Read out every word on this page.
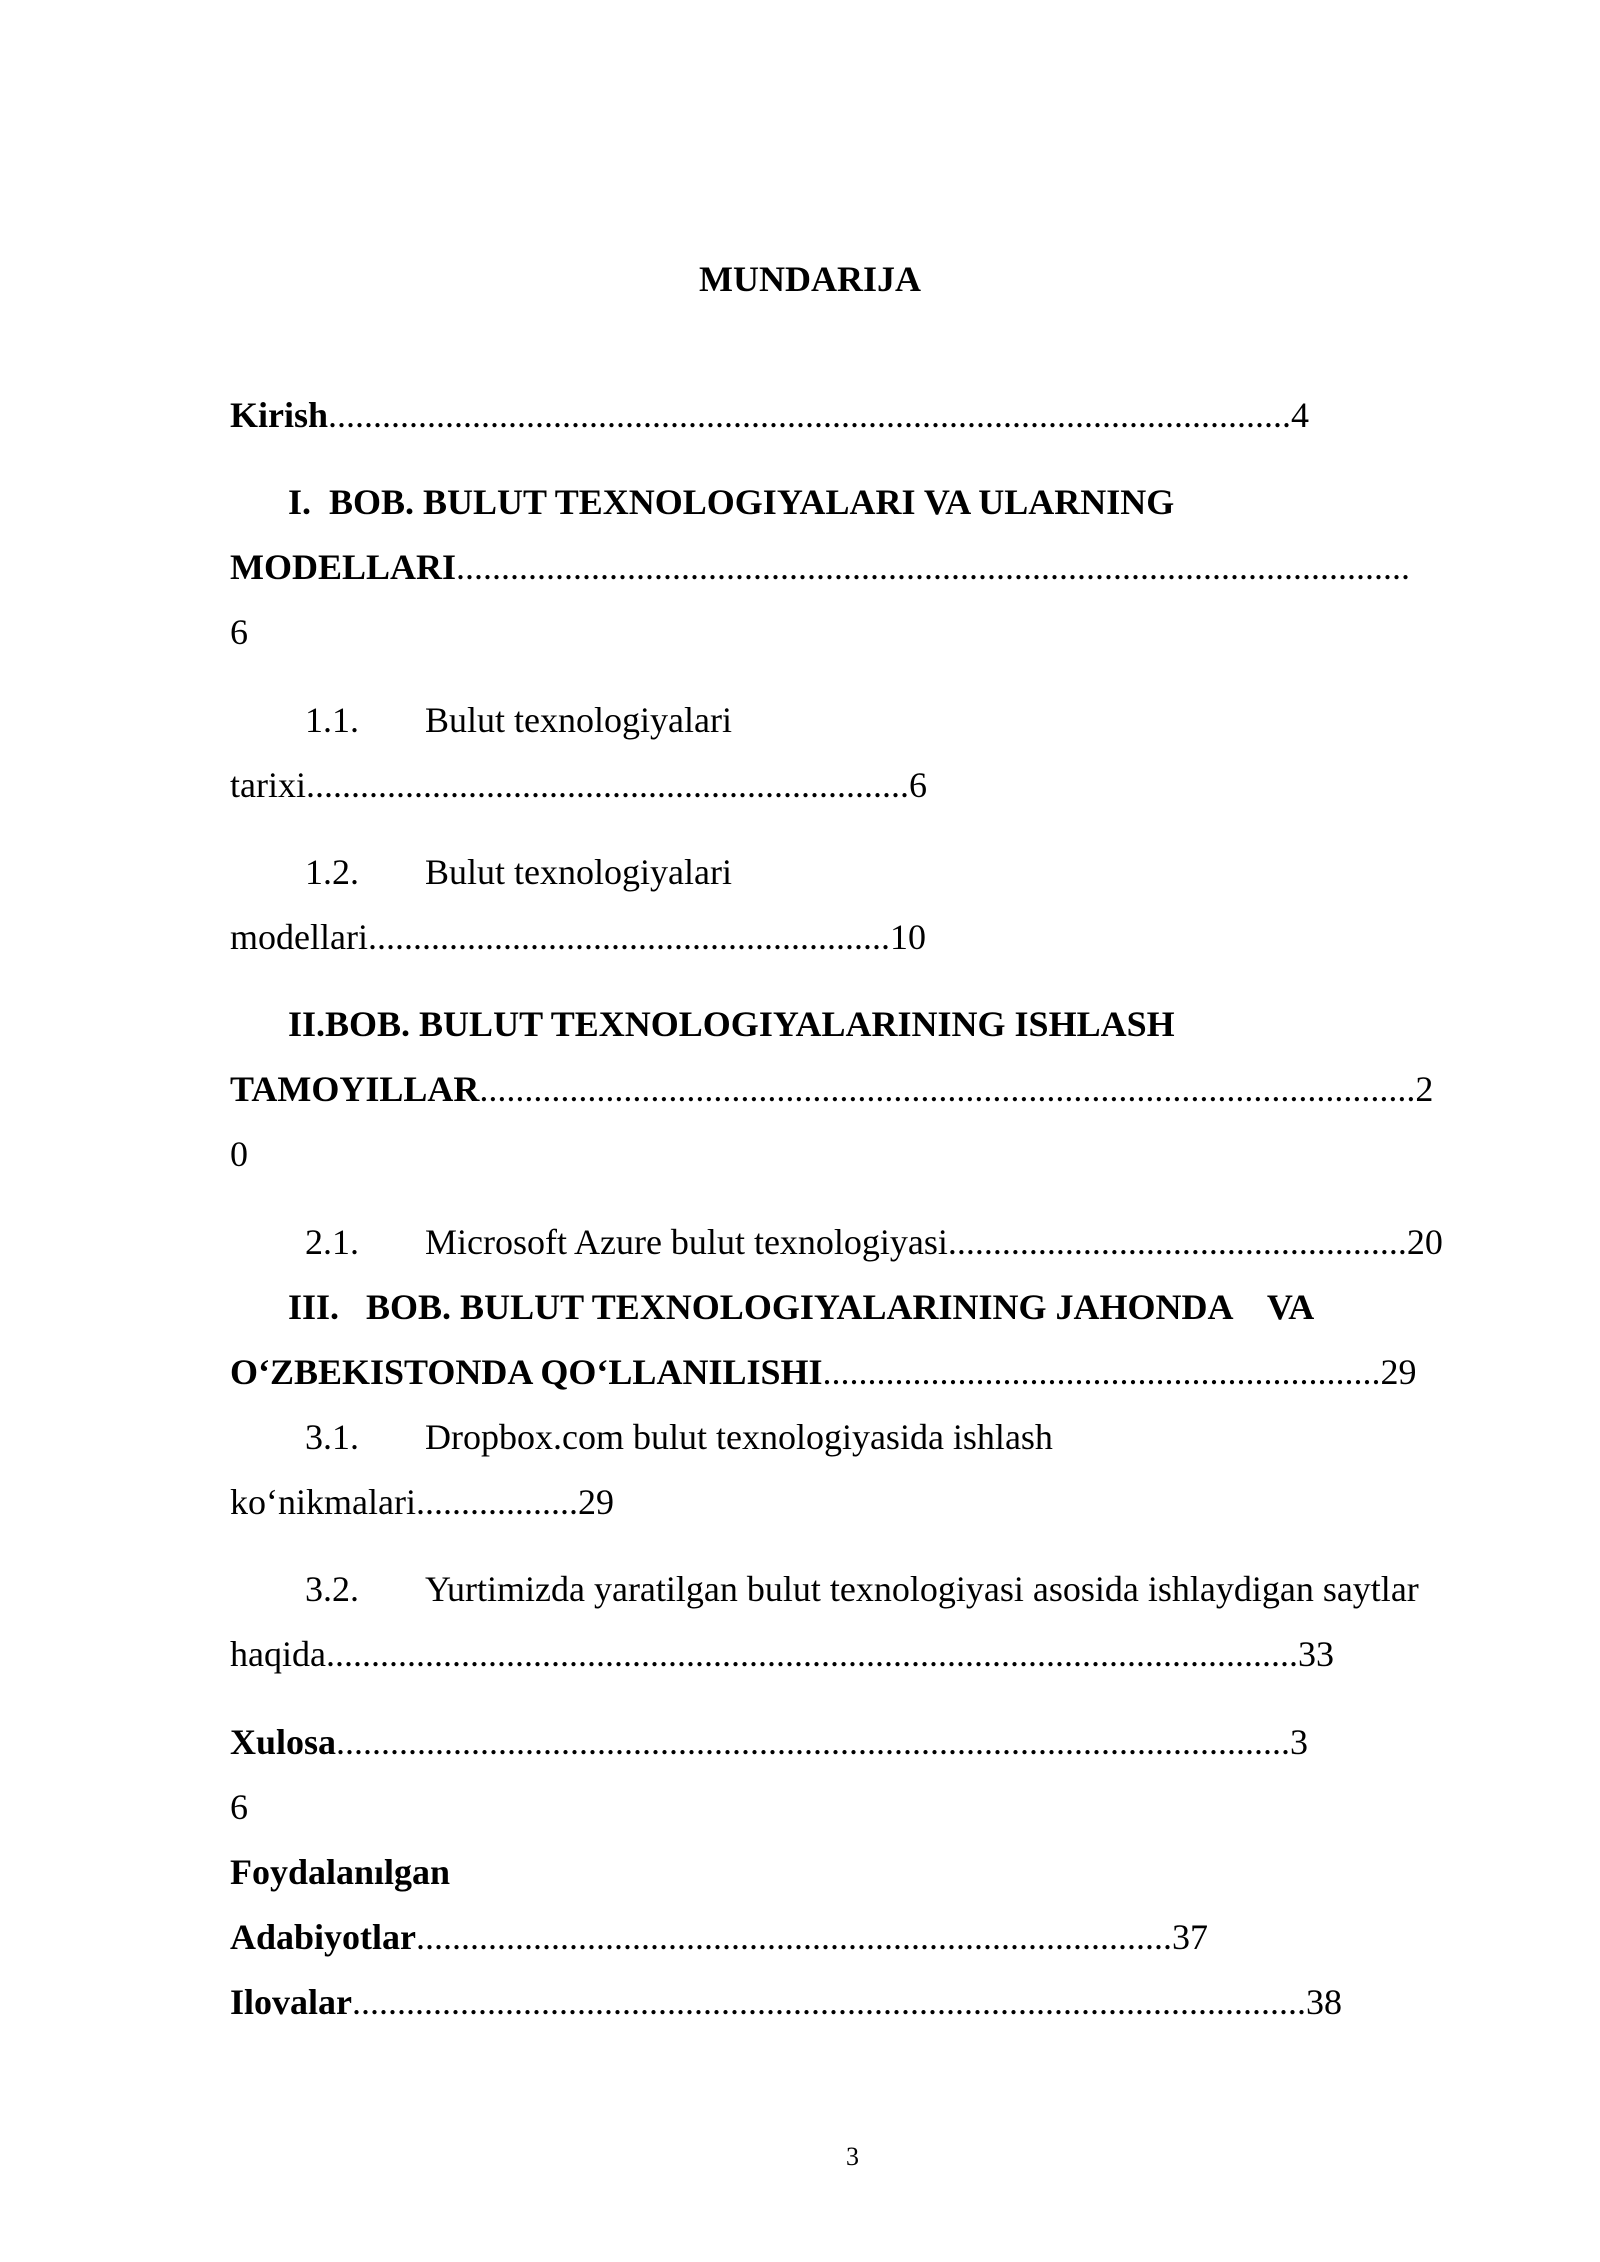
MUNDARIJA
Kirish...........................................................................................................4
I.  BOB. BULUT TEXNOLOGIYALARI VA ULARNING
MODELLARI..........................................................................................................
6
1.1. Bulut texnologiyalari
tarixi...................................................................6
1.2. Bulut texnologiyalari
modellari..........................................................10
II.BOB. BULUT TEXNOLOGIYALARINING ISHLASH
TAMOYILLAR........................................................................................................2
0
2.1. Microsoft Azure bulut texnologiyasi...................................................20
III.   BOB. BULUT TEXNOLOGIYALARINING JAHONDA    VA
O‘ZBEKISTONDA QO‘LLANILISHI..............................................................29
3.1. Dropbox.com bulut texnologiyasida ishlash
ko‘nikmalari..................29
3.2. Yurtimizda yaratilgan bulut texnologiyasi asosida ishlaydigan saytlar
haqida............................................................................................................33
Xulosa..........................................................................................................3
6
Foydalanılgan
Adabiyotlar....................................................................................37
Ilovalar..........................................................................................................38
3
